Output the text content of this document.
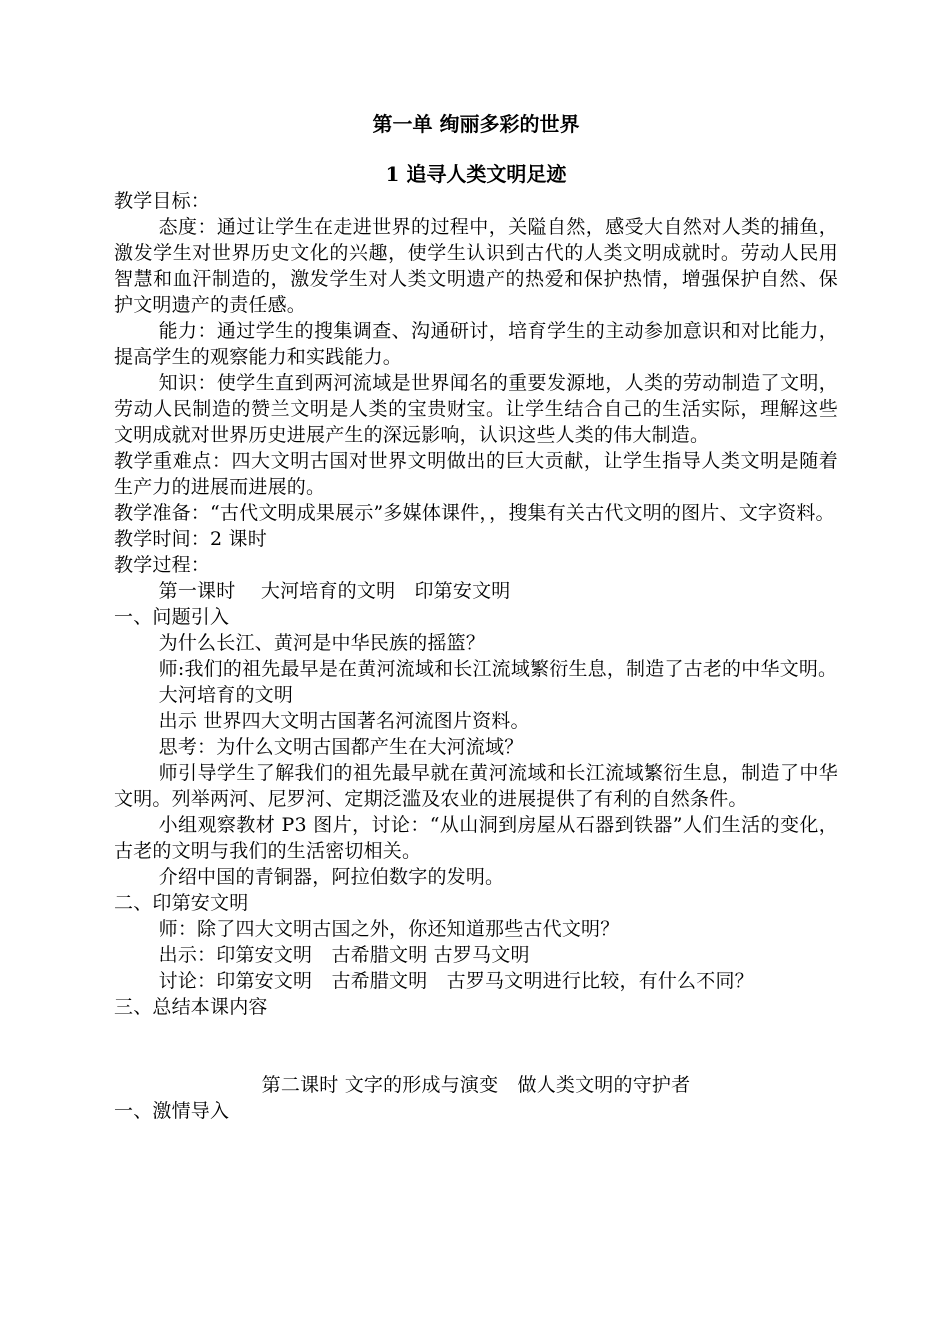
第一单 绚丽多彩的世界
1 追寻人类文明足迹

教学目标：

态度：通过让学生在走进世界的过程中，关隘自然，感受大自然对人类的捕鱼，激发学生对世界历史文化的兴趣，使学生认识到古代的人类文明成就时。劳动人民用智慧和血汗制造的，激发学生对人类文明遗产的热爱和保护热情，增强保护自然、保护文明遗产的责任感。

能力：通过学生的搜集调查、沟通研讨，培育学生的主动参加意识和对比能力，提高学生的观察能力和实践能力。

知识：使学生直到两河流域是世界闻名的重要发源地，人类的劳动制造了文明，劳动人民制造的赞兰文明是人类的宝贵财宝。让学生结合自己的生活实际，理解这些文明成就对世界历史进展产生的深远影响，认识这些人类的伟大制造。

教学重难点：四大文明古国对世界文明做出的巨大贡献，让学生指导人类文明是随着生产力的进展而进展的。

教学准备：“古代文明成果展示”多媒体课件，，搜集有关古代文明的图片、文字资料。

教学时间：2 课时

教学过程：

第一课时　 大河培育的文明　印第安文明

一、问题引入

为什么长江、黄河是中华民族的摇篮？

师:我们的祖先最早是在黄河流域和长江流域繁衍生息，制造了古老的中华文明。

大河培育的文明

出示 世界四大文明古国著名河流图片资料。

思考：为什么文明古国都产生在大河流域？

师引导学生了解我们的祖先最早就在黄河流域和长江流域繁衍生息，制造了中华文明。列举两河、尼罗河、定期泛滥及农业的进展提供了有利的自然条件。

小组观察教材 P3 图片，讨论：“从山洞到房屋从石器到铁器”人们生活的变化，古老的文明与我们的生活密切相关。

介绍中国的青铜器，阿拉伯数字的发明。

二、印第安文明

师：除了四大文明古国之外，你还知道那些古代文明？

出示：印第安文明　古希腊文明 古罗马文明

讨论：印第安文明　古希腊文明　古罗马文明进行比较，有什么不同？

三、总结本课内容

第二课时 文字的形成与演变　做人类文明的守护者

一、激情导入
